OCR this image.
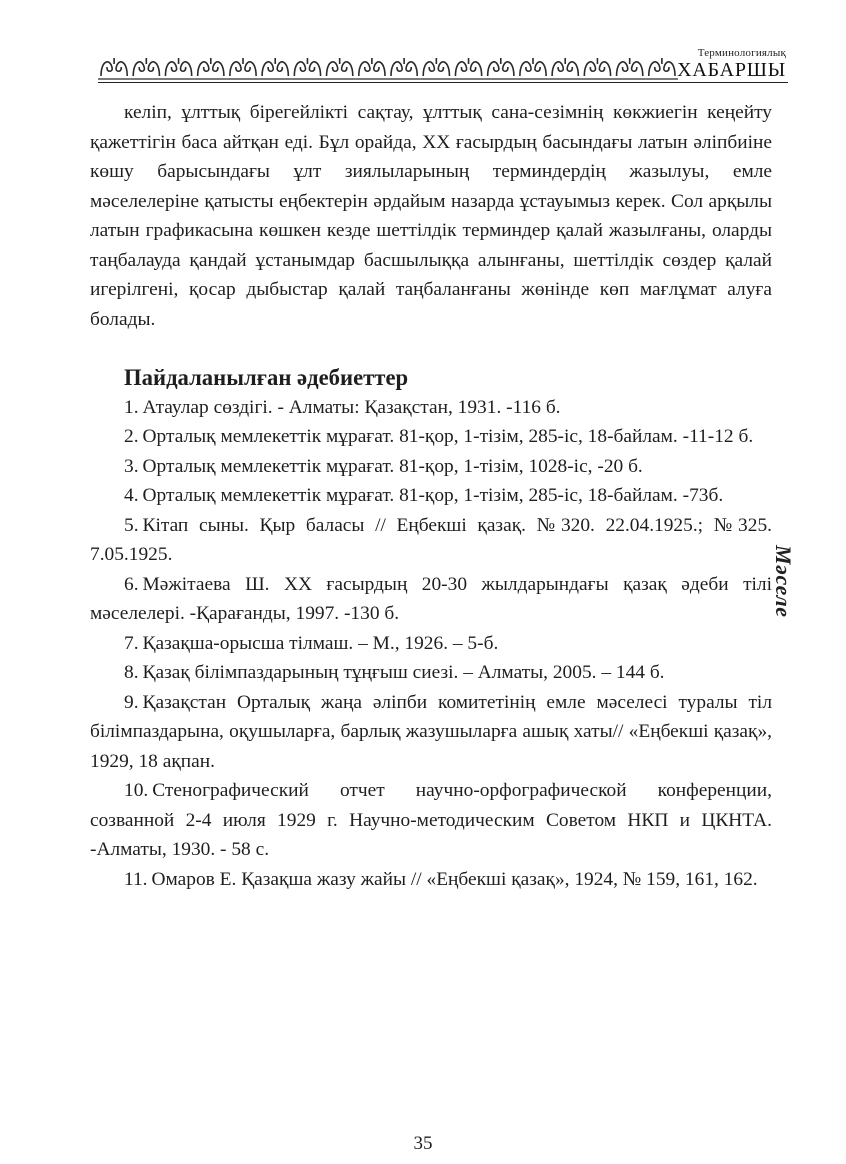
Терминологиялық
ХАБАРШЫ

келіп, ұлттық бірегейлікті сақтау, ұлттық сана-сезімнің көкжиегін кеңейту қажеттігін баса айтқан еді. Бұл орайда, ХХ ғасырдың басындағы латын әліпбиіне көшу барысындағы ұлт зиялыларының терминдердің жазылуы, емле мәселелеріне қатысты еңбектерін әрдайым назарда ұстауымыз керек. Сол арқылы латын графикасына көшкен кезде шеттілдік терминдер қалай жазылғаны, оларды таңбалауда қандай ұстанымдар басшылыққа алынғаны, шеттілдік сөздер қалай игерілгені, қосар дыбыстар қалай таңбаланғаны жөнінде көп мағлұмат алуға болады.

Пайдаланылған әдебиеттер
1. Атаулар сөздігі. - Алматы: Қазақстан, 1931. -116 б.
2. Орталық мемлекеттік мұрағат. 81-қор, 1-тізім, 285-іс, 18-байлам. -11-12 б.
3. Орталық мемлекеттік мұрағат. 81-қор, 1-тізім, 1028-іс, -20 б.
4. Орталық мемлекеттік мұрағат. 81-қор, 1-тізім, 285-іс, 18-байлам. -73б.
5. Кітап сыны. Қыр баласы // Еңбекші қазақ. №320. 22.04.1925.; №325. 7.05.1925.
6. Мәжітаева Ш. ХХ ғасырдың 20-30 жылдарындағы қазақ әдеби тілі мәселелері. -Қарағанды, 1997. -130 б.
7. Қазақша-орысша тілмаш. – М., 1926. – 5-б.
8. Қазақ білімпаздарының тұңғыш сиезі. – Алматы, 2005. – 144 б.
9. Қазақстан Орталық жаңа әліпби комитетінің емле мәселесі туралы тіл білімпаздарына, оқушыларға, барлық жазушыларға ашық хаты// «Еңбекші қазақ», 1929, 18 ақпан.
10. Стенографический отчет научно-орфографической конференции, созванной 2-4 июля 1929 г. Научно-методическим Советом НКП и ЦКНТА. -Алматы, 1930. - 58 с.
11. Омаров Е. Қазақша жазу жайы // «Еңбекші қазақ», 1924, № 159, 161, 162.
Мәселе
35
